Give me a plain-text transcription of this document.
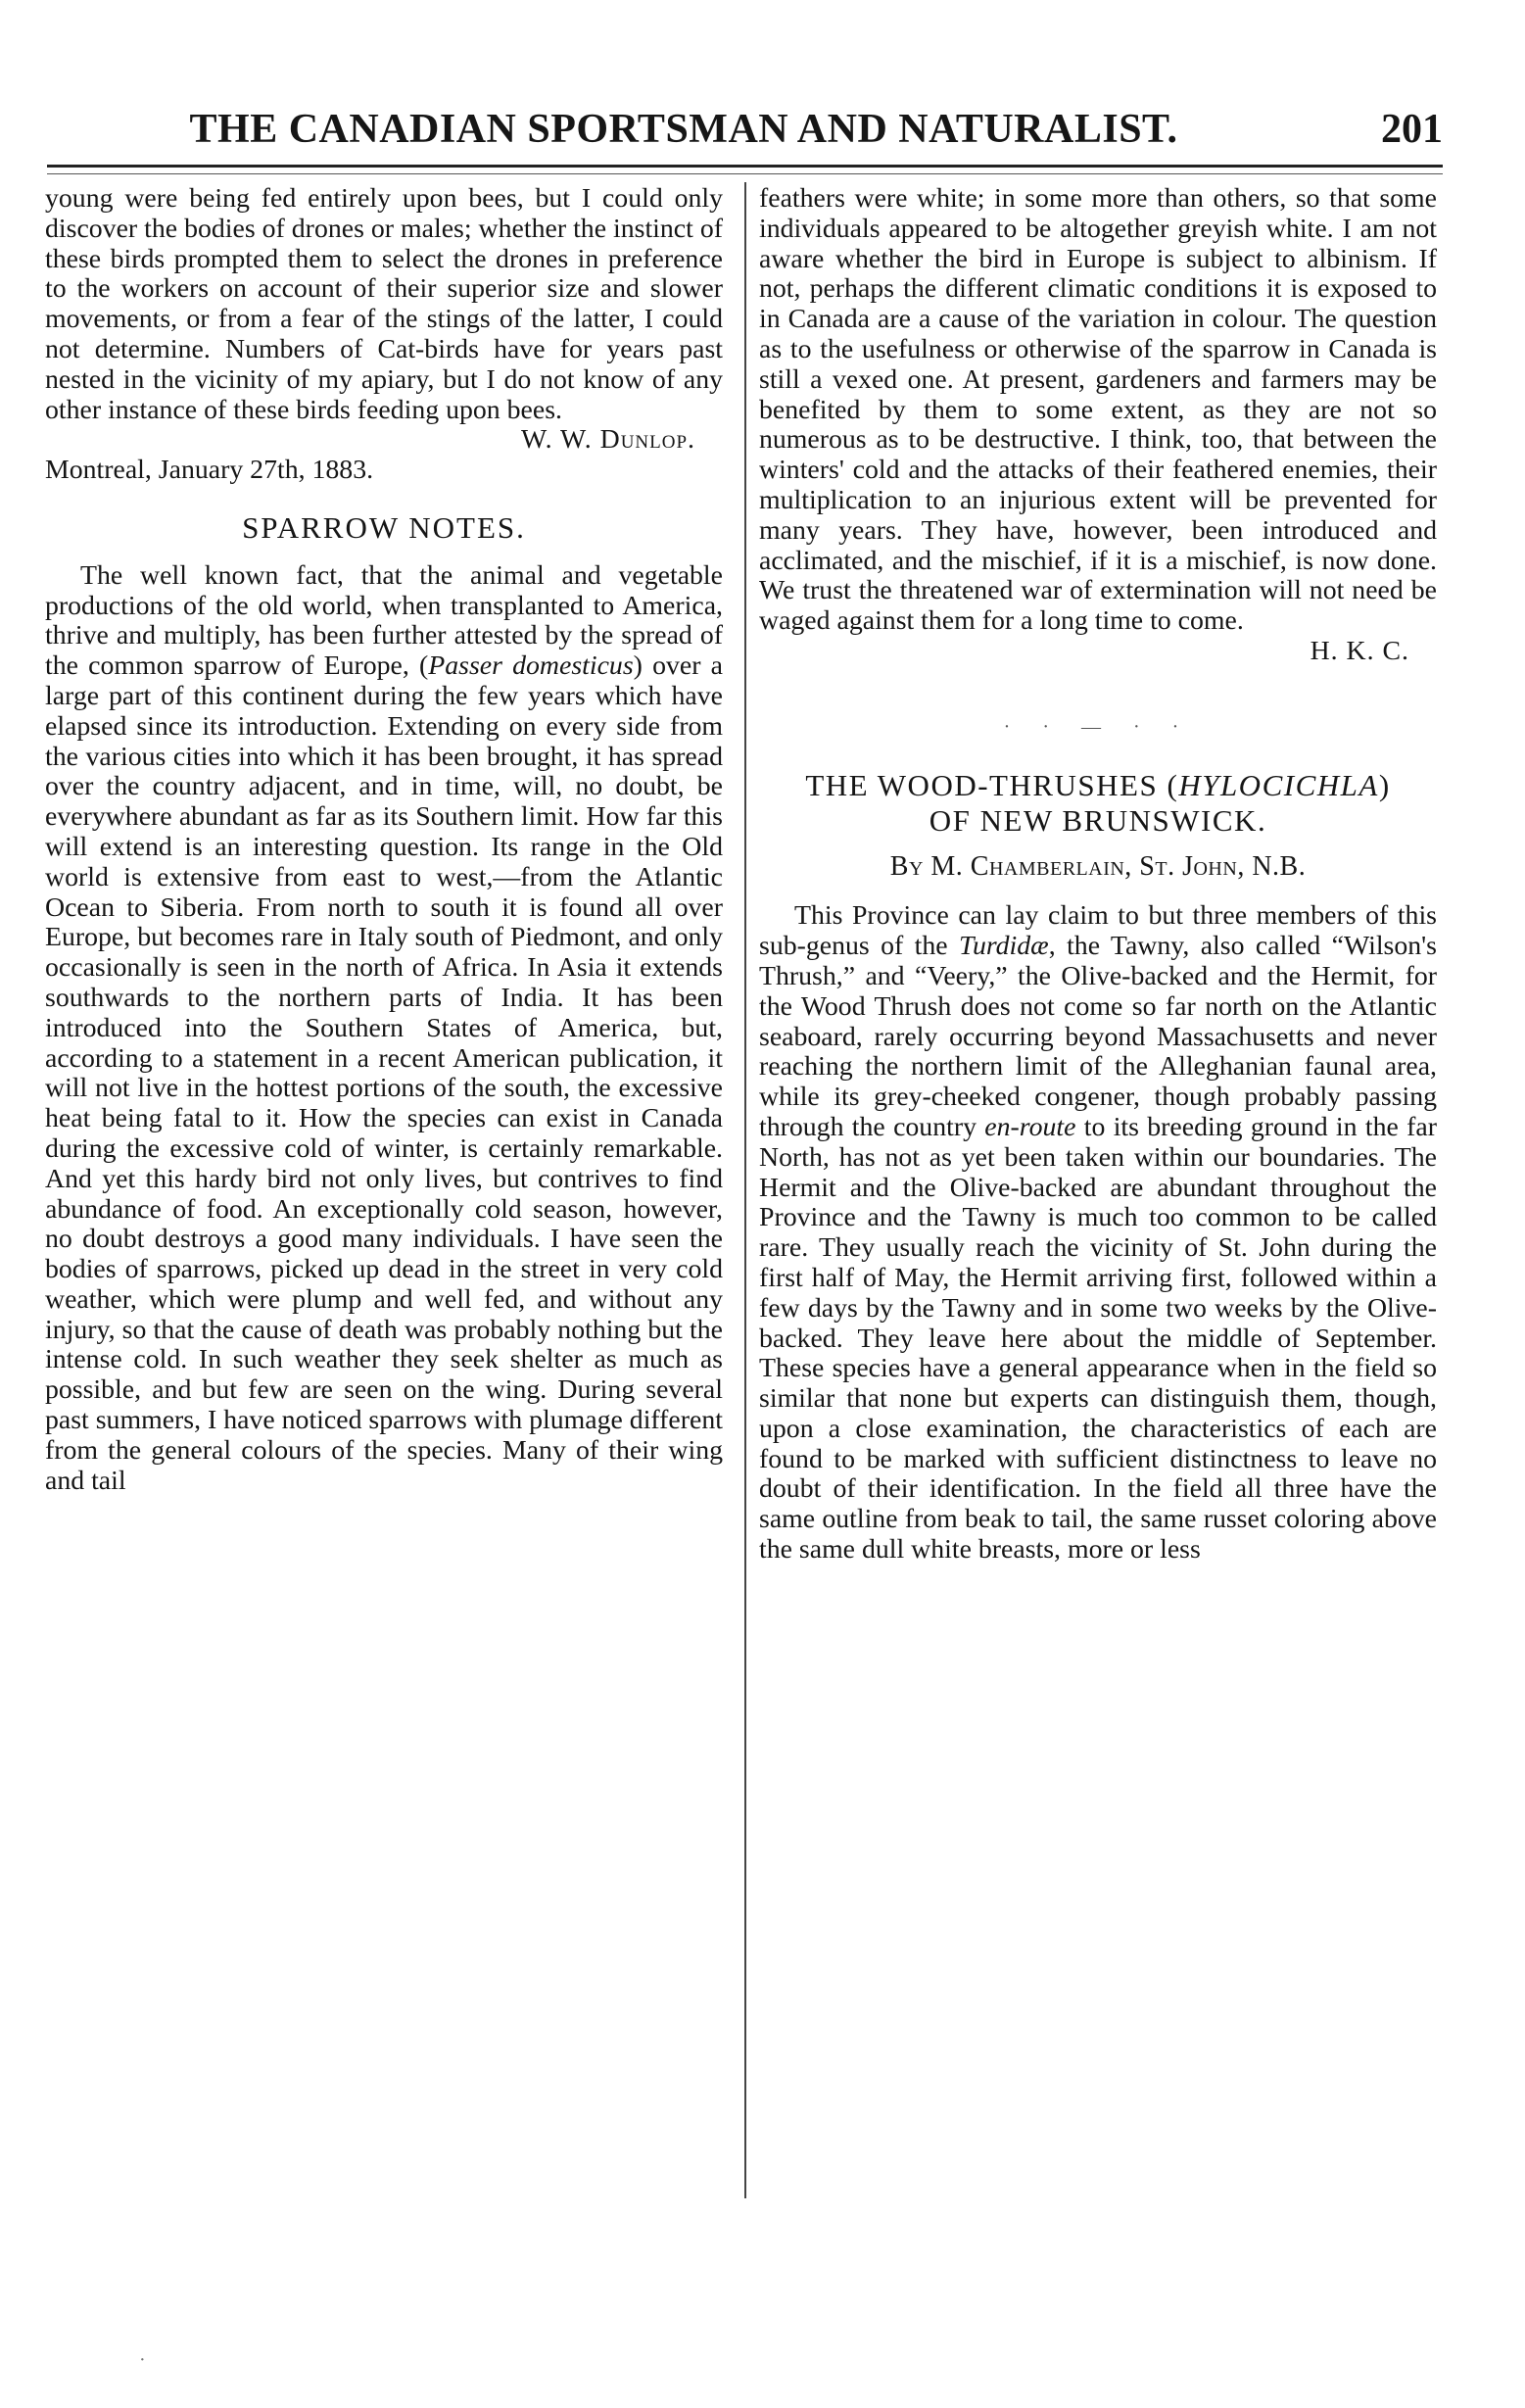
THE CANADIAN SPORTSMAN AND NATURALIST.	201

young were being fed entirely upon bees, but I could only discover the bodies of drones or males; whether the instinct of these birds prompted them to select the drones in preference to the workers on account of their superior size and slower movements, or from a fear of the stings of the latter, I could not determine. Numbers of Cat-birds have for years past nested in the vicinity of my apiary, but I do not know of any other instance of these birds feeding upon bees.

W. W. Dunlop.

Montreal, January 27th, 1883.

SPARROW NOTES.

The well known fact, that the animal and vegetable productions of the old world, when transplanted to America, thrive and multiply, has been further attested by the spread of the common sparrow of Europe, (Passer domesticus) over a large part of this continent during the few years which have elapsed since its introduction. Extending on every side from the various cities into which it has been brought, it has spread over the country adjacent, and in time, will, no doubt, be everywhere abundant as far as its Southern limit. How far this will extend is an interesting question. Its range in the Old world is extensive from east to west,—from the Atlantic Ocean to Siberia. From north to south it is found all over Europe, but becomes rare in Italy south of Piedmont, and only occasionally is seen in the north of Africa. In Asia it extends southwards to the northern parts of India. It has been introduced into the Southern States of America, but, according to a statement in a recent American publication, it will not live in the hottest portions of the south, the excessive heat being fatal to it. How the species can exist in Canada during the excessive cold of winter, is certainly remarkable. And yet this hardy bird not only lives, but contrives to find abundance of food. An exceptionally cold season, however, no doubt destroys a good many individuals. I have seen the bodies of sparrows, picked up dead in the street in very cold weather, which were plump and well fed, and without any injury, so that the cause of death was probably nothing but the intense cold. In such weather they seek shelter as much as possible, and but few are seen on the wing. During several past summers, I have noticed sparrows with plumage different from the general colours of the species. Many of their wing and tail

feathers were white; in some more than others, so that some individuals appeared to be altogether greyish white. I am not aware whether the bird in Europe is subject to albinism. If not, perhaps the different climatic conditions it is exposed to in Canada are a cause of the variation in colour. The question as to the usefulness or otherwise of the sparrow in Canada is still a vexed one. At present, gardeners and farmers may be benefited by them to some extent, as they are not so numerous as to be destructive. I think, too, that between the winters' cold and the attacks of their feathered enemies, their multiplication to an injurious extent will be prevented for many years. They have, however, been introduced and acclimated, and the mischief, if it is a mischief, is now done. We trust the threatened war of extermination will not need be waged against them for a long time to come.

H. K. C.

· · — · ·
THE WOOD-THRUSHES (HYLOCICHLA)
OF NEW BRUNSWICK.
By M. Chamberlain, St. John, N.B.

This Province can lay claim to but three members of this sub-genus of the Turdidæ, the Tawny, also called “Wilson's Thrush,” and “Veery,” the Olive-backed and the Hermit, for the Wood Thrush does not come so far north on the Atlantic seaboard, rarely occurring beyond Massachusetts and never reaching the northern limit of the Alleghanian faunal area, while its grey-cheeked congener, though probably passing through the country en-route to its breeding ground in the far North, has not as yet been taken within our boundaries. The Hermit and the Olive-backed are abundant throughout the Province and the Tawny is much too common to be called rare. They usually reach the vicinity of St. John during the first half of May, the Hermit arriving first, followed within a few days by the Tawny and in some two weeks by the Olive-backed. They leave here about the middle of September. These species have a general appearance when in the field so similar that none but experts can distinguish them, though, upon a close examination, the characteristics of each are found to be marked with sufficient distinctness to leave no doubt of their identification. In the field all three have the same outline from beak to tail, the same russet coloring above the same dull white breasts, more or less

·
